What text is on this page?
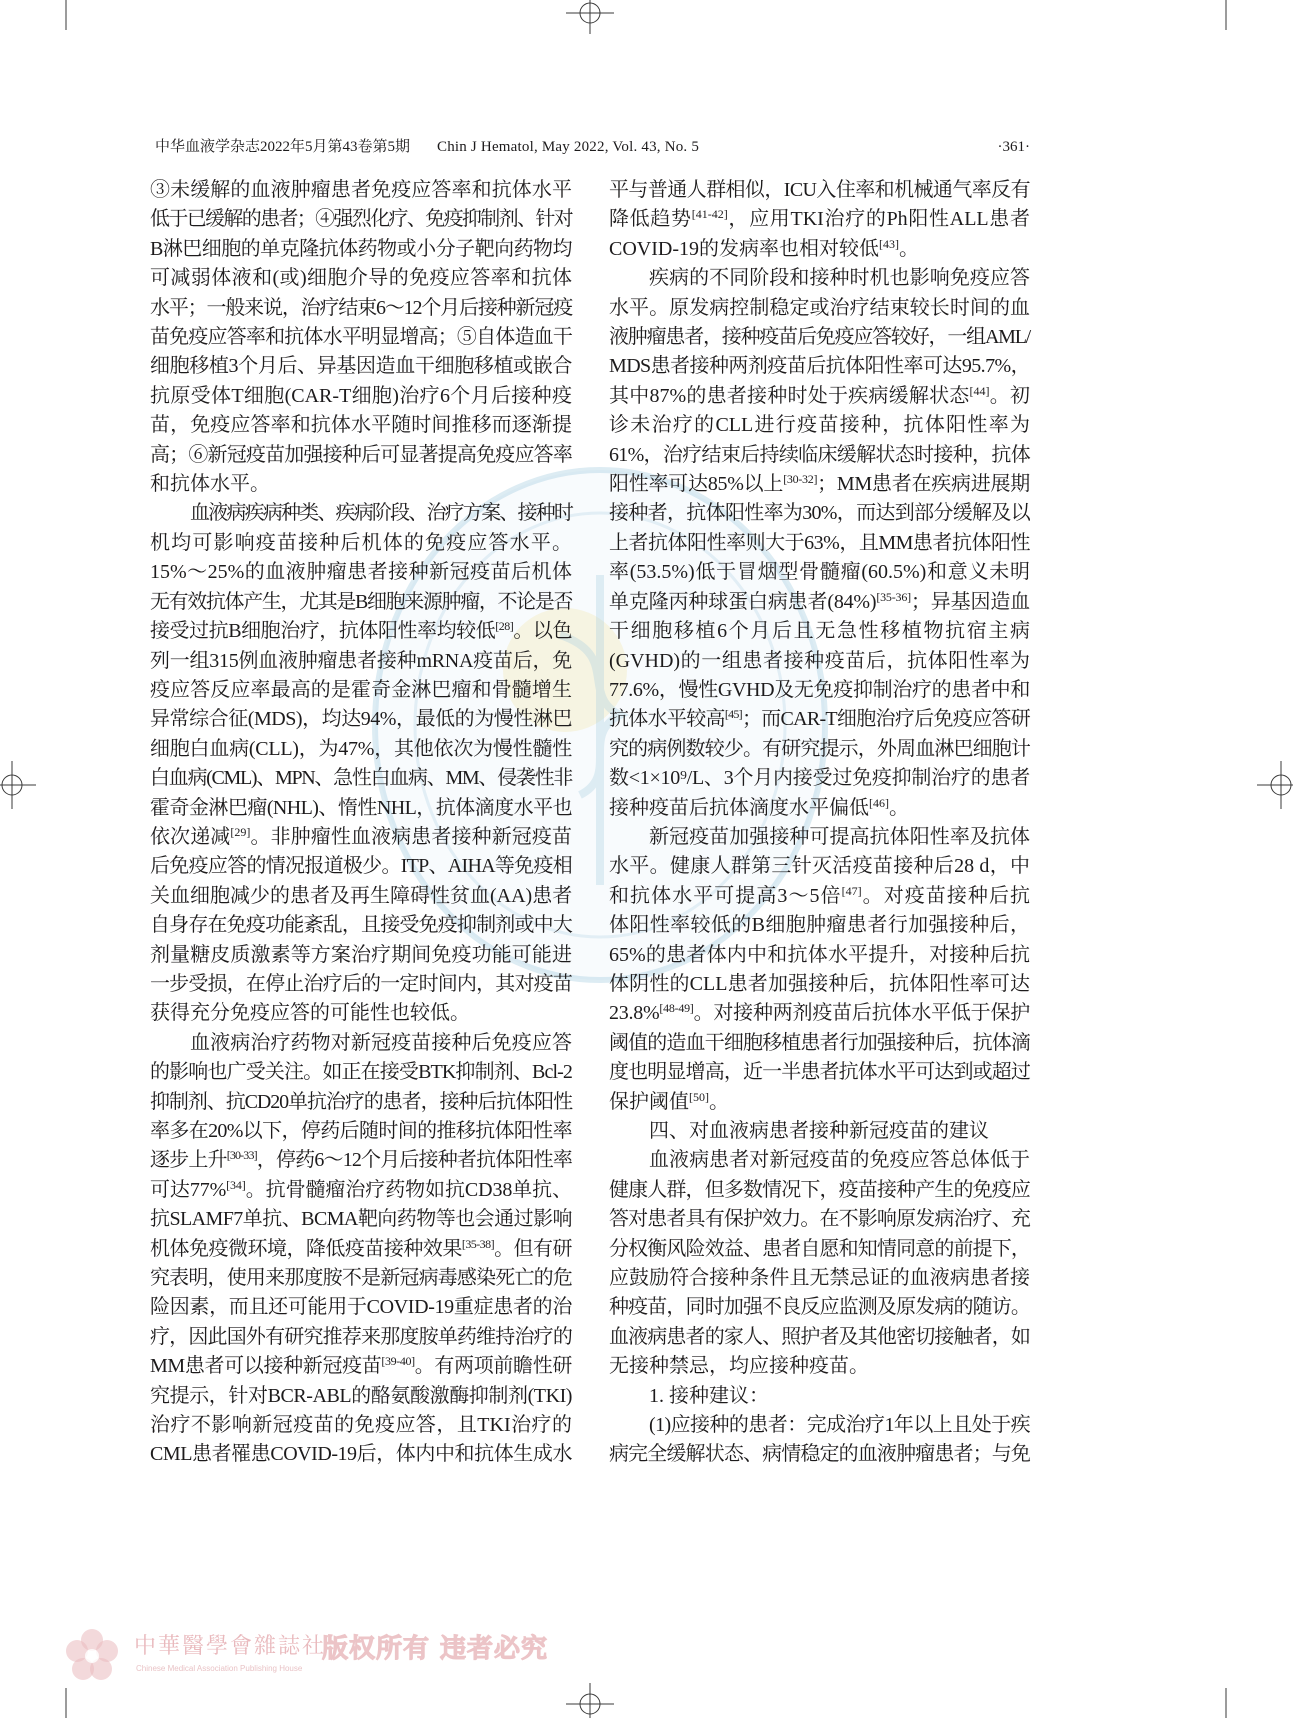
中华血液学杂志2022年5月第43卷第5期 Chin J Hematol, May 2022, Vol. 43, No. 5	·361·
③未缓解的血液肿瘤患者免疫应答率和抗体水平
低于已缓解的患者；④强烈化疗、免疫抑制剂、针对
B淋巴细胞的单克隆抗体药物或小分子靶向药物均
可减弱体液和(或)细胞介导的免疫应答率和抗体
水平；一般来说，治疗结束6～12个月后接种新冠疫
苗免疫应答率和抗体水平明显增高；⑤自体造血干
细胞移植3个月后、异基因造血干细胞移植或嵌合
抗原受体T细胞(CAR-T细胞)治疗6个月后接种疫
苗，免疫应答率和抗体水平随时间推移而逐渐提
高；⑥新冠疫苗加强接种后可显著提高免疫应答率
和抗体水平。
血液病疾病种类、疾病阶段、治疗方案、接种时
机均可影响疫苗接种后机体的免疫应答水平。
15%～25%的血液肿瘤患者接种新冠疫苗后机体
无有效抗体产生，尤其是B细胞来源肿瘤，不论是否
接受过抗B细胞治疗，抗体阳性率均较低[28]。以色
列一组315例血液肿瘤患者接种mRNA疫苗后，免
疫应答反应率最高的是霍奇金淋巴瘤和骨髓增生
异常综合征(MDS)，均达94%，最低的为慢性淋巴
细胞白血病(CLL)，为47%，其他依次为慢性髓性
白血病(CML)、MPN、急性白血病、MM、侵袭性非
霍奇金淋巴瘤(NHL)、惰性NHL，抗体滴度水平也
依次递减[29]。非肿瘤性血液病患者接种新冠疫苗
后免疫应答的情况报道极少。ITP、AIHA等免疫相
关血细胞减少的患者及再生障碍性贫血(AA)患者
自身存在免疫功能紊乱，且接受免疫抑制剂或中大
剂量糖皮质激素等方案治疗期间免疫功能可能进
一步受损，在停止治疗后的一定时间内，其对疫苗
获得充分免疫应答的可能性也较低。
血液病治疗药物对新冠疫苗接种后免疫应答
的影响也广受关注。如正在接受BTK抑制剂、Bcl-2
抑制剂、抗CD20单抗治疗的患者，接种后抗体阳性
率多在20%以下，停药后随时间的推移抗体阳性率
逐步上升[30-33]，停药6～12个月后接种者抗体阳性率
可达77%[34]。抗骨髓瘤治疗药物如抗CD38单抗、
抗SLAMF7单抗、BCMA靶向药物等也会通过影响
机体免疫微环境，降低疫苗接种效果[35-38]。但有研
究表明，使用来那度胺不是新冠病毒感染死亡的危
险因素，而且还可能用于COVID-19重症患者的治
疗，因此国外有研究推荐来那度胺单药维持治疗的
MM患者可以接种新冠疫苗[39-40]。有两项前瞻性研
究提示，针对BCR-ABL的酪氨酸激酶抑制剂(TKI)
治疗不影响新冠疫苗的免疫应答，且TKI治疗的
CML患者罹患COVID-19后，体内中和抗体生成水
平与普通人群相似，ICU入住率和机械通气率反有
降低趋势[41-42]，应用TKI治疗的Ph阳性ALL患者
COVID-19的发病率也相对较低[43]。
疾病的不同阶段和接种时机也影响免疫应答
水平。原发病控制稳定或治疗结束较长时间的血
液肿瘤患者，接种疫苗后免疫应答较好，一组AML/
MDS患者接种两剂疫苗后抗体阳性率可达95.7%，
其中87%的患者接种时处于疾病缓解状态[44]。初
诊未治疗的CLL进行疫苗接种，抗体阳性率为
61%，治疗结束后持续临床缓解状态时接种，抗体
阳性率可达85%以上[30-32]；MM患者在疾病进展期
接种者，抗体阳性率为30%，而达到部分缓解及以
上者抗体阳性率则大于63%，且MM患者抗体阳性
率(53.5%)低于冒烟型骨髓瘤(60.5%)和意义未明
单克隆丙种球蛋白病患者(84%)[35-36]；异基因造血
干细胞移植6个月后且无急性移植物抗宿主病
(GVHD)的一组患者接种疫苗后，抗体阳性率为
77.6%，慢性GVHD及无免疫抑制治疗的患者中和
抗体水平较高[45]；而CAR-T细胞治疗后免疫应答研
究的病例数较少。有研究提示，外周血淋巴细胞计
数<1×10⁹/L、3个月内接受过免疫抑制治疗的患者
接种疫苗后抗体滴度水平偏低[46]。
新冠疫苗加强接种可提高抗体阳性率及抗体
水平。健康人群第三针灭活疫苗接种后28 d，中
和抗体水平可提高3～5倍[47]。对疫苗接种后抗
体阳性率较低的B细胞肿瘤患者行加强接种后，
65%的患者体内中和抗体水平提升，对接种后抗
体阴性的CLL患者加强接种后，抗体阳性率可达
23.8%[48-49]。对接种两剂疫苗后抗体水平低于保护
阈值的造血干细胞移植患者行加强接种后，抗体滴
度也明显增高，近一半患者抗体水平可达到或超过
保护阈值[50]。
四、对血液病患者接种新冠疫苗的建议
血液病患者对新冠疫苗的免疫应答总体低于
健康人群，但多数情况下，疫苗接种产生的免疫应
答对患者具有保护效力。在不影响原发病治疗、充
分权衡风险效益、患者自愿和知情同意的前提下，
应鼓励符合接种条件且无禁忌证的血液病患者接
种疫苗，同时加强不良反应监测及原发病的随访。
血液病患者的家人、照护者及其他密切接触者，如
无接种禁忌，均应接种疫苗。
1. 接种建议：
(1)应接种的患者：完成治疗1年以上且处于疾
病完全缓解状态、病情稳定的血液肿瘤患者；与免
中華醫學會雜誌社
Chinese Medical Association Publishing House
版权所有 违者必究
